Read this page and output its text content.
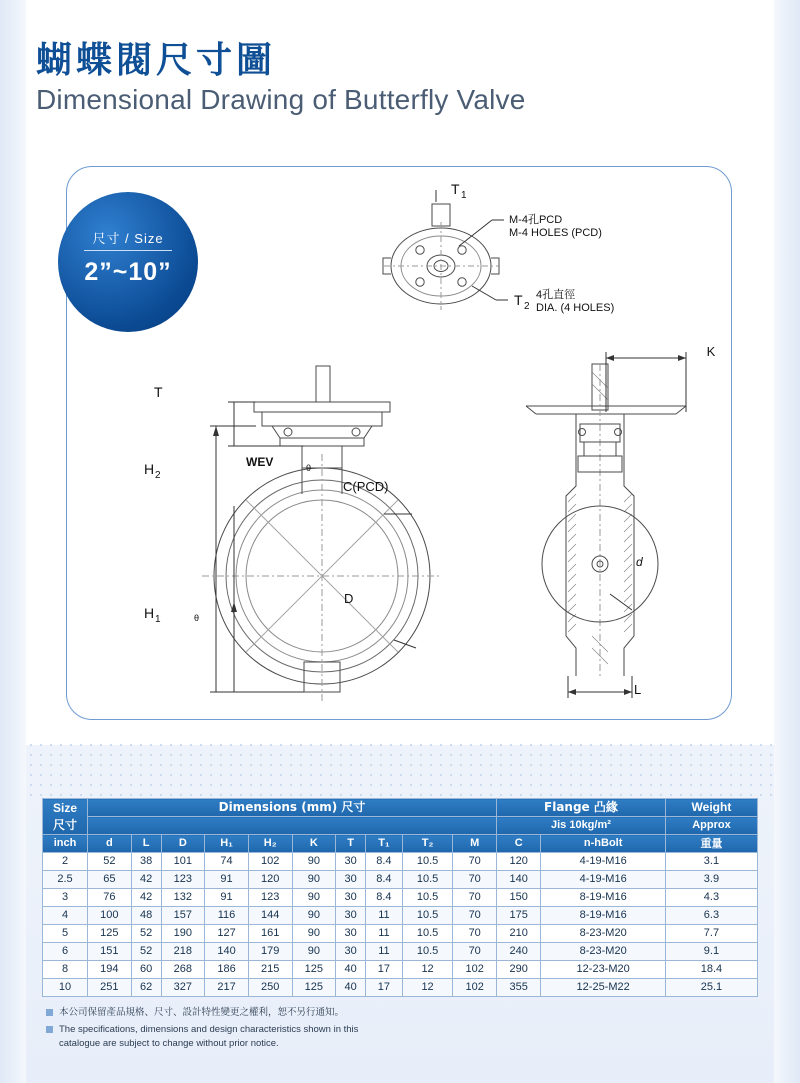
蝴蝶閥尺寸圖
Dimensional Drawing of Butterfly Valve
T 1
M-4孔PCD
M-4 HOLES (PCD)
T 2
4孔直徑
DIA. (4 HOLES)
T
H 2
H 1
θ
θ
C(PCD)
D
K
L
d
WEV
尺寸 / Size
2”~10”
Size
尺寸	Dimensions (mm) 尺寸										Flange 凸緣		Weight
											Jis 10kg/m²		Approx
inch	d	L	D	H₁	H₂	K	T	T₁	T₂	M	C	n-hBolt	重量
2	52	38	101	74	102	90	30	8.4	10.5	70	120	4-19-M16	3.1
2.5	65	42	123	91	120	90	30	8.4	10.5	70	140	4-19-M16	3.9
3	76	42	132	91	123	90	30	8.4	10.5	70	150	8-19-M16	4.3
4	100	48	157	116	144	90	30	11	10.5	70	175	8-19-M16	6.3
5	125	52	190	127	161	90	30	11	10.5	70	210	8-23-M20	7.7
6	151	52	218	140	179	90	30	11	10.5	70	240	8-23-M20	9.1
8	194	60	268	186	215	125	40	17	12	102	290	12-23-M20	18.4
10	251	62	327	217	250	125	40	17	12	102	355	12-25-M22	25.1
本公司保留產品規格、尺寸、設計特性變更之權利，恕不另行通知。
The specifications, dimensions and design characteristics shown in this
catalogue are subject to change without prior notice.
